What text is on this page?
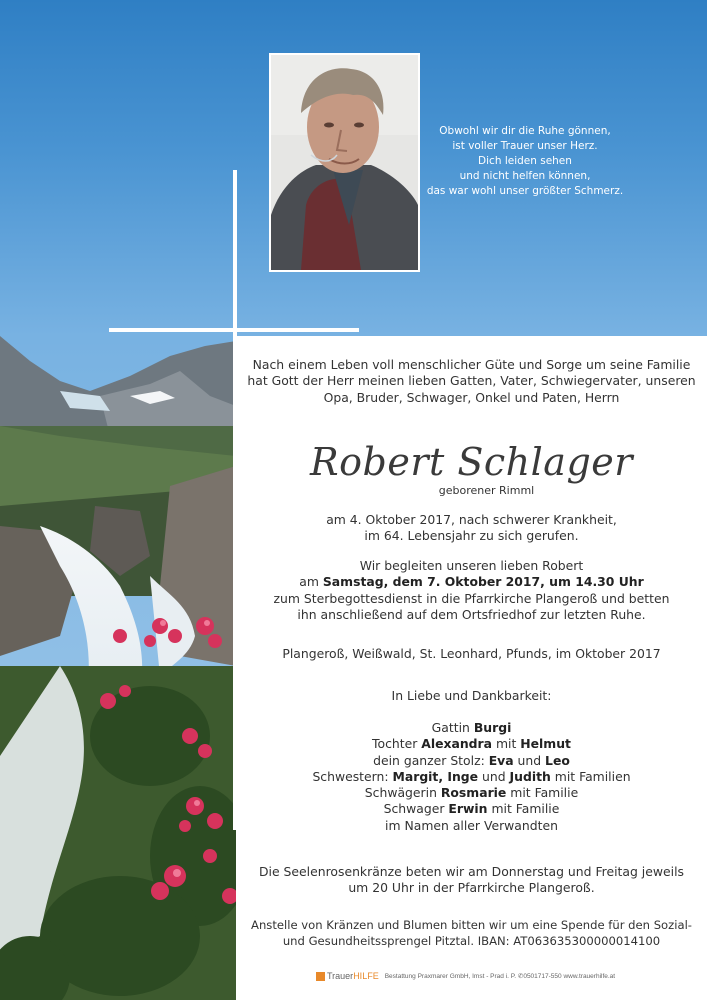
Obwohl wir dir die Ruhe gönnen,
ist voller Trauer unser Herz.
Dich leiden sehen
und nicht helfen können,
das war wohl unser größter Schmerz.
Nach einem Leben voll menschlicher Güte und Sorge um seine Familie
hat Gott der Herr meinen lieben Gatten, Vater, Schwiegervater, unseren
Opa, Bruder, Schwager, Onkel und Paten, Herrn
Robert Schlager
geborener Rimml
am 4. Oktober 2017, nach schwerer Krankheit,
im 64. Lebensjahr zu sich gerufen.
Wir begleiten unseren lieben Robert
am Samstag, dem 7. Oktober 2017, um 14.30 Uhr
zum Sterbegottesdienst in die Pfarrkirche Plangeroß und betten
ihn anschließend auf dem Ortsfriedhof zur letzten Ruhe.
Plangeroß, Weißwald, St. Leonhard, Pfunds, im Oktober 2017
In Liebe und Dankbarkeit:
Gattin Burgi
Tochter Alexandra mit Helmut
dein ganzer Stolz: Eva und Leo
Schwestern: Margit, Inge und Judith mit Familien
Schwägerin Rosmarie mit Familie
Schwager Erwin mit Familie
im Namen aller Verwandten
Die Seelenrosenkränze beten wir am Donnerstag und Freitag jeweils
um 20 Uhr in der Pfarrkirche Plangeroß.
Anstelle von Kränzen und Blumen bitten wir um eine Spende für den Sozial-
und Gesundheitssprengel Pitztal. IBAN: AT063635300000014100
TrauerHILFE Bestattung Praxmarer GmbH, Imst - Prad i. P. ✆0501717-550 www.trauerhilfe.at
